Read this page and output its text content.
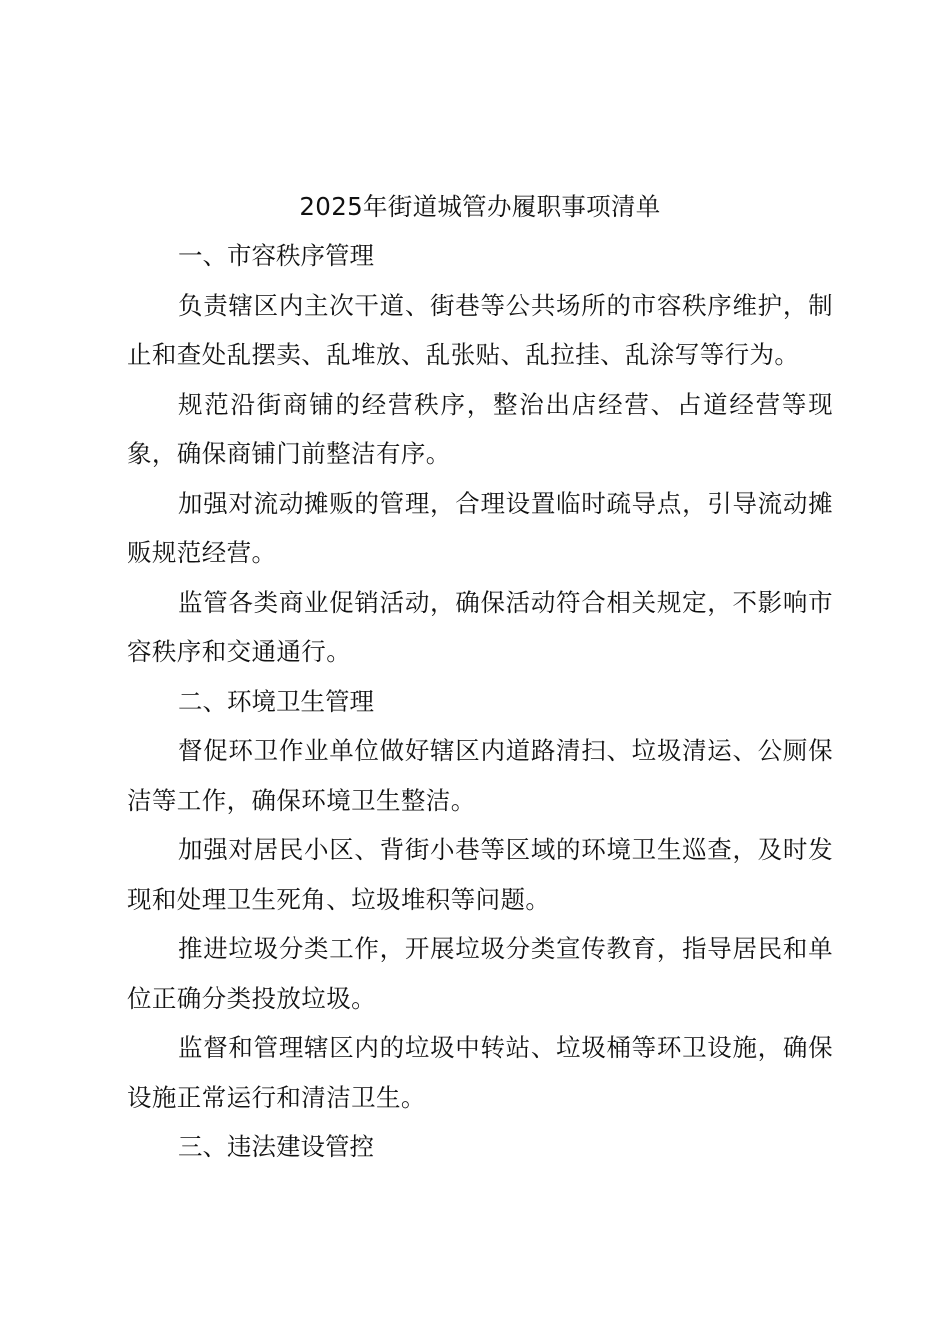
2025年街道城管办履职事项清单
一、市容秩序管理

负责辖区内主次干道、街巷等公共场所的市容秩序维护，制止和查处乱摆卖、乱堆放、乱张贴、乱拉挂、乱涂写等行为。

规范沿街商铺的经营秩序，整治出店经营、占道经营等现象，确保商铺门前整洁有序。

加强对流动摊贩的管理，合理设置临时疏导点，引导流动摊贩规范经营。

监管各类商业促销活动，确保活动符合相关规定，不影响市容秩序和交通通行。

二、环境卫生管理

督促环卫作业单位做好辖区内道路清扫、垃圾清运、公厕保洁等工作，确保环境卫生整洁。

加强对居民小区、背街小巷等区域的环境卫生巡查，及时发现和处理卫生死角、垃圾堆积等问题。

推进垃圾分类工作，开展垃圾分类宣传教育，指导居民和单位正确分类投放垃圾。

监督和管理辖区内的垃圾中转站、垃圾桶等环卫设施，确保设施正常运行和清洁卫生。

三、违法建设管控
